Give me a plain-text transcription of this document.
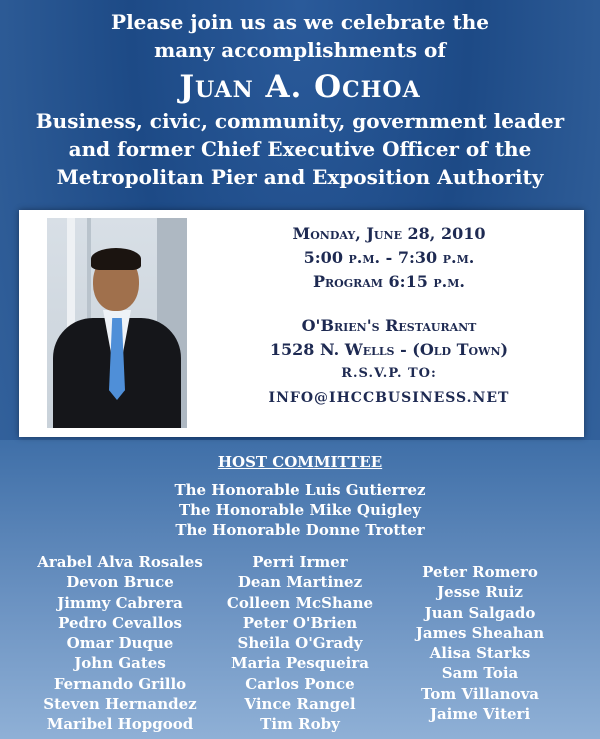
Please join us as we celebrate the
many accomplishments of
Juan A. Ochoa
Business, civic, community, government leader
and former Chief Executive Officer of the
Metropolitan Pier and Exposition Authority
Monday, June 28, 2010
5:00 p.m. - 7:30 p.m.
Program 6:15 p.m.
O'Brien's Restaurant
1528 N. Wells - (Old Town)
R.S.V.P. TO:
INFO@IHCCBUSINESS.NET
HOST COMMITTEE
The Honorable Luis Gutierrez
The Honorable Mike Quigley
The Honorable Donne Trotter
Arabel Alva Rosales
Devon Bruce
Jimmy Cabrera
Pedro Cevallos
Omar Duque
John Gates
Fernando Grillo
Steven Hernandez
Maribel Hopgood
Perri Irmer
Dean Martinez
Colleen McShane
Peter O'Brien
Sheila O'Grady
Maria Pesqueira
Carlos Ponce
Vince Rangel
Tim Roby
Peter Romero
Jesse Ruiz
Juan Salgado
James Sheahan
Alisa Starks
Sam Toia
Tom Villanova
Jaime Viteri
